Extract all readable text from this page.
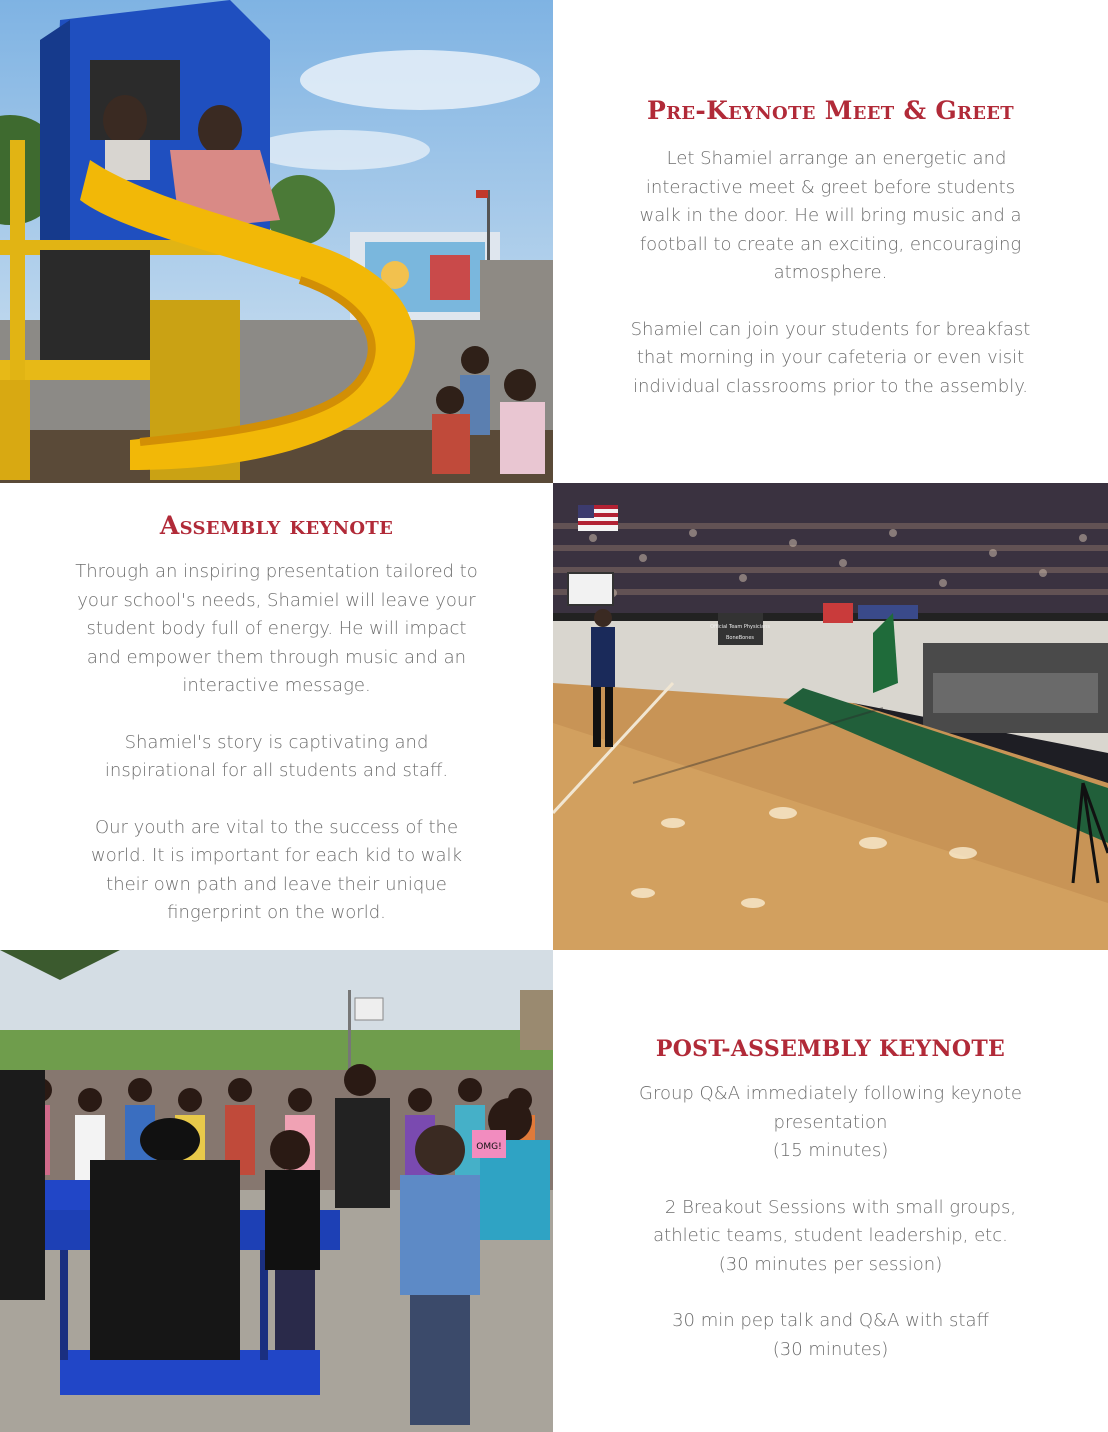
Pre-Keynote Meet & Greet

Let Shamiel arrange an energetic and
interactive meet & greet before students
walk in the door. He will bring music and a
football to create an exciting, encouraging
atmosphere.

Shamiel can join your students for breakfast
that morning in your cafeteria or even visit
individual classrooms prior to the assembly.

Assembly keynote

Through an inspiring presentation tailored to
your school's needs, Shamiel will leave your
student body full of energy. He will impact
and empower them through music and an
interactive message.

Shamiel's story is captivating and
inspirational for all students and staff.

Our youth are vital to the success of the
world. It is important for each kid to walk
their own path and leave their unique
fingerprint on the world.

Official Team Physicians
BoneBones
OMG!
POST-ASSEMBLY KEYNOTE

Group Q&A immediately following keynote
presentation
(15 minutes)

2 Breakout Sessions with small groups,
athletic teams, student leadership, etc.
(30 minutes per session)

30 min pep talk and Q&A with staff
(30 minutes)
